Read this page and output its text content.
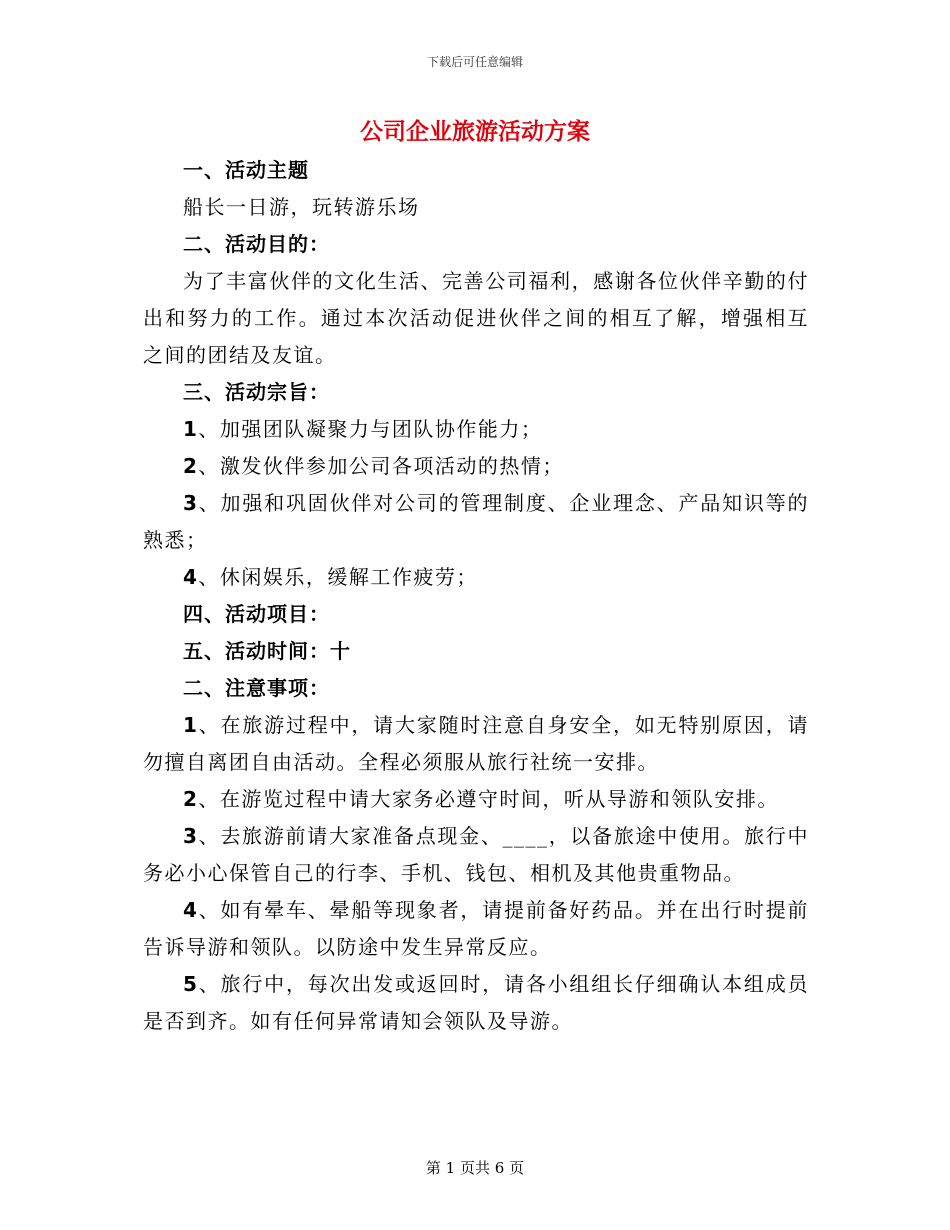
下载后可任意编辑
公司企业旅游活动方案

一、活动主题

船长一日游，玩转游乐场

二、活动目的：

为了丰富伙伴的文化生活、完善公司福利，感谢各位伙伴辛勤的付出和努力的工作。通过本次活动促进伙伴之间的相互了解，增强相互之间的团结及友谊。

三、活动宗旨：

1、加强团队凝聚力与团队协作能力；

2、激发伙伴参加公司各项活动的热情；

3、加强和巩固伙伴对公司的管理制度、企业理念、产品知识等的熟悉；

4、休闲娱乐，缓解工作疲劳；

四、活动项目：

五、活动时间：十

二、注意事项：

1、在旅游过程中，请大家随时注意自身安全，如无特别原因，请勿擅自离团自由活动。全程必须服从旅行社统一安排。

2、在游览过程中请大家务必遵守时间，听从导游和领队安排。

3、去旅游前请大家准备点现金、____，以备旅途中使用。旅行中务必小心保管自己的行李、手机、钱包、相机及其他贵重物品。

4、如有晕车、晕船等现象者，请提前备好药品。并在出行时提前告诉导游和领队。以防途中发生异常反应。

5、旅行中，每次出发或返回时，请各小组组长仔细确认本组成员是否到齐。如有任何异常请知会领队及导游。

第 1 页共 6 页
